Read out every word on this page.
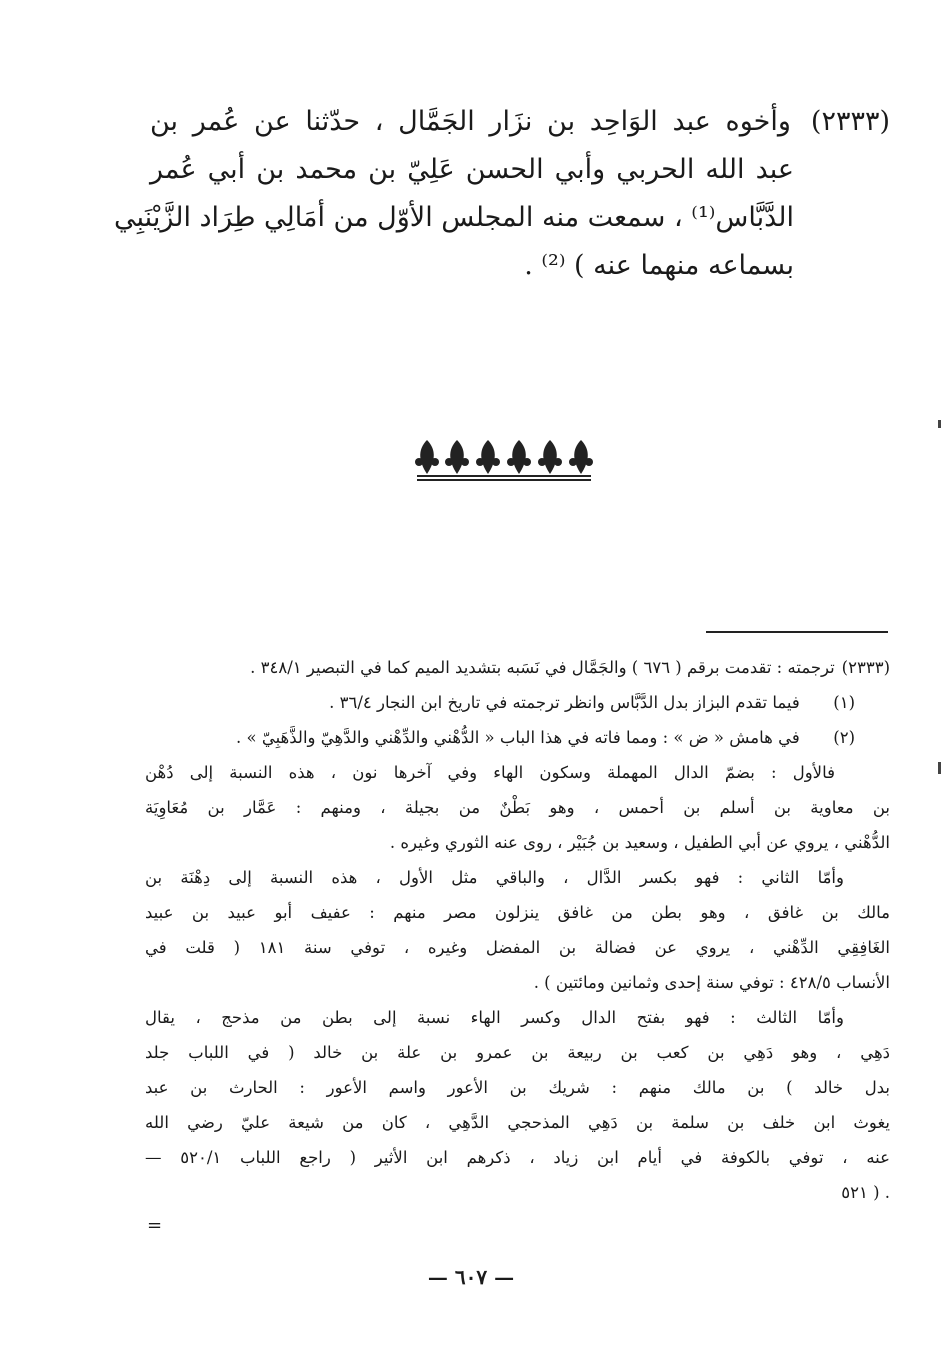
(٢٣٣٣)
وأخوه عبد الوَاحِد بن نزَار الجَمَّال ، حدّثنا عن عُمر بن
عبد الله الحربي وأبي الحسن عَلِيّ بن محمد بن أبي عُمر
الدَّبَّاس⁽¹⁾ ، سمعت منه المجلس الأوّل من أمَالِي طِرَاد الزَّيْنَبِي
بسماعه منهما عنه ) ⁽²⁾ .
(٢٣٣٣) ترجمته : تقدمت برقم ( ٦٧٦ ) والجَمَّال في نَسَبه بتشديد الميم كما في التبصير ٣٤٨/١ .
(١) فيما تقدم البزاز بدل الدَّبَّاس وانظر ترجمته في تاريخ ابن النجار ٣٦/٤ .
(٢) في هامش « ض » : ومما فاته في هذا الباب « الدُّهْني والدِّهْني والدَّهِيّ والذَّهَبِيّ » .
فالأول : بضمّ الدال المهملة وسكون الهاء وفي آخرها نون ، هذه النسبة إلى دُهْن
بن معاوية بن أسلم بن أحمس ، وهو بَطْنٌ من بجيلة ، ومنهم : عَمَّار بن مُعَاوِيَة
الدُّهْني ، يروي عن أبي الطفيل ، وسعيد بن جُبَيْر ، روى عنه الثوري وغيره .
وأمّا الثاني : فهو بكسر الدَّال ، والباقي مثل الأول ، هذه النسبة إلى دِهْنَة بن
مالك بن غافق ، وهو بطن من غافق ينزلون مصر منهم : عفيف أبو عبيد بن عبيد
الغَافِقِي الدِّهْني ، يروي عن فضالة بن المفضل وغيره ، توفي سنة ١٨١ ( قلت في
الأنساب ٤٢٨/٥ : توفي سنة إحدى وثمانين ومائتين ) .
وأمّا الثالث : فهو بفتح الدال وكسر الهاء نسبة إلى بطن من مذحج ، يقال
دَهِي ، وهو دَهِي بن كعب بن ربيعة بن عمرو بن علة بن خالد ( في اللباب جلد
بدل خالد ) بن مالك منهم : شريك بن الأعور واسم الأعور : الحارث بن عبد
يغوث ابن خلف بن سلمة بن دَهِي المذحجي الدَّهِي ، كان من شيعة عليّ رضي الله
عنه ، توفي بالكوفة في أيام ابن زياد ، ذكرهم ابن الأثير ( راجع اللباب ٥٢٠/١ —
. ( ٥٢١
=
— ٦٠٧ —
